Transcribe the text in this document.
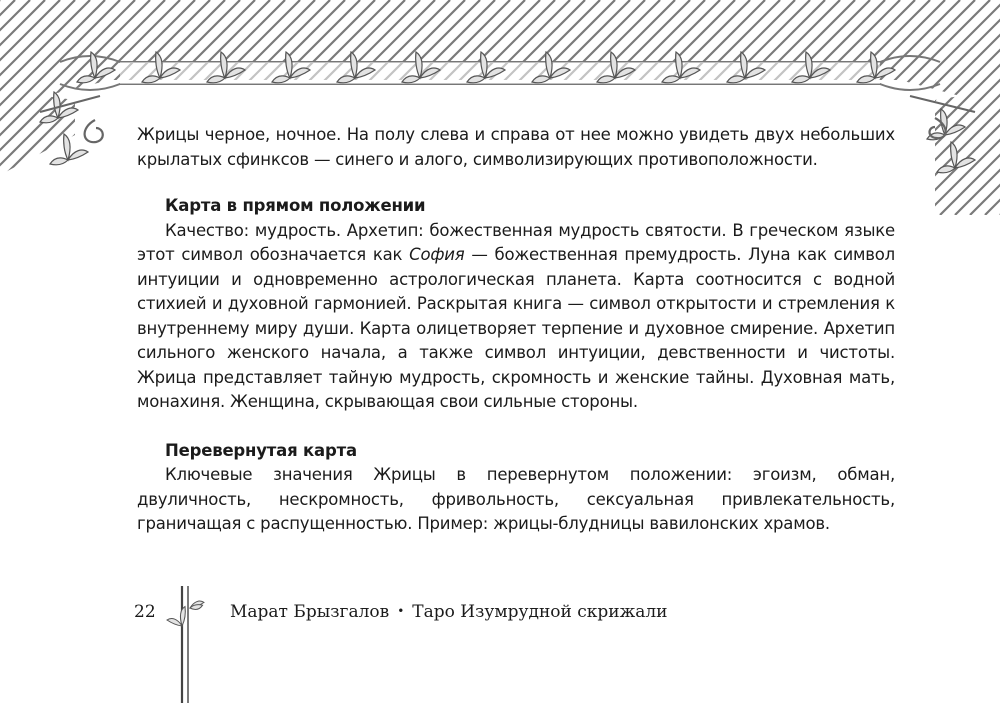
Жрицы черное, ночное. На полу слева и справа от нее можно увидеть двух небольших крылатых сфинксов — синего и алого, символизирующих противоположности.

Карта в прямом положении

Качество: мудрость. Архетип: божественная мудрость святости. В греческом языке этот символ обозначается как София — божественная премудрость. Луна как символ интуиции и одновременно астрологическая планета. Карта соотносится с водной стихией и духовной гармонией. Раскрытая книга — символ открытости и стремления к внутреннему миру души. Карта олицетворяет терпение и духовное смирение. Архетип сильного женского начала, а также символ интуиции, девственности и чистоты. Жрица представляет тайную мудрость, скромность и женские тайны. Духовная мать, монахиня. Женщина, скрывающая свои сильные стороны.

Перевернутая карта

Ключевые значения Жрицы в перевернутом положении: эгоизм, обман, двуличность, нескромность, фривольность, сексуальная привлекательность, граничащая с распущенностью. Пример: жрицы-блудницы вавилонских храмов.

22	Марат Брызгалов • Таро Изумрудной скрижали
